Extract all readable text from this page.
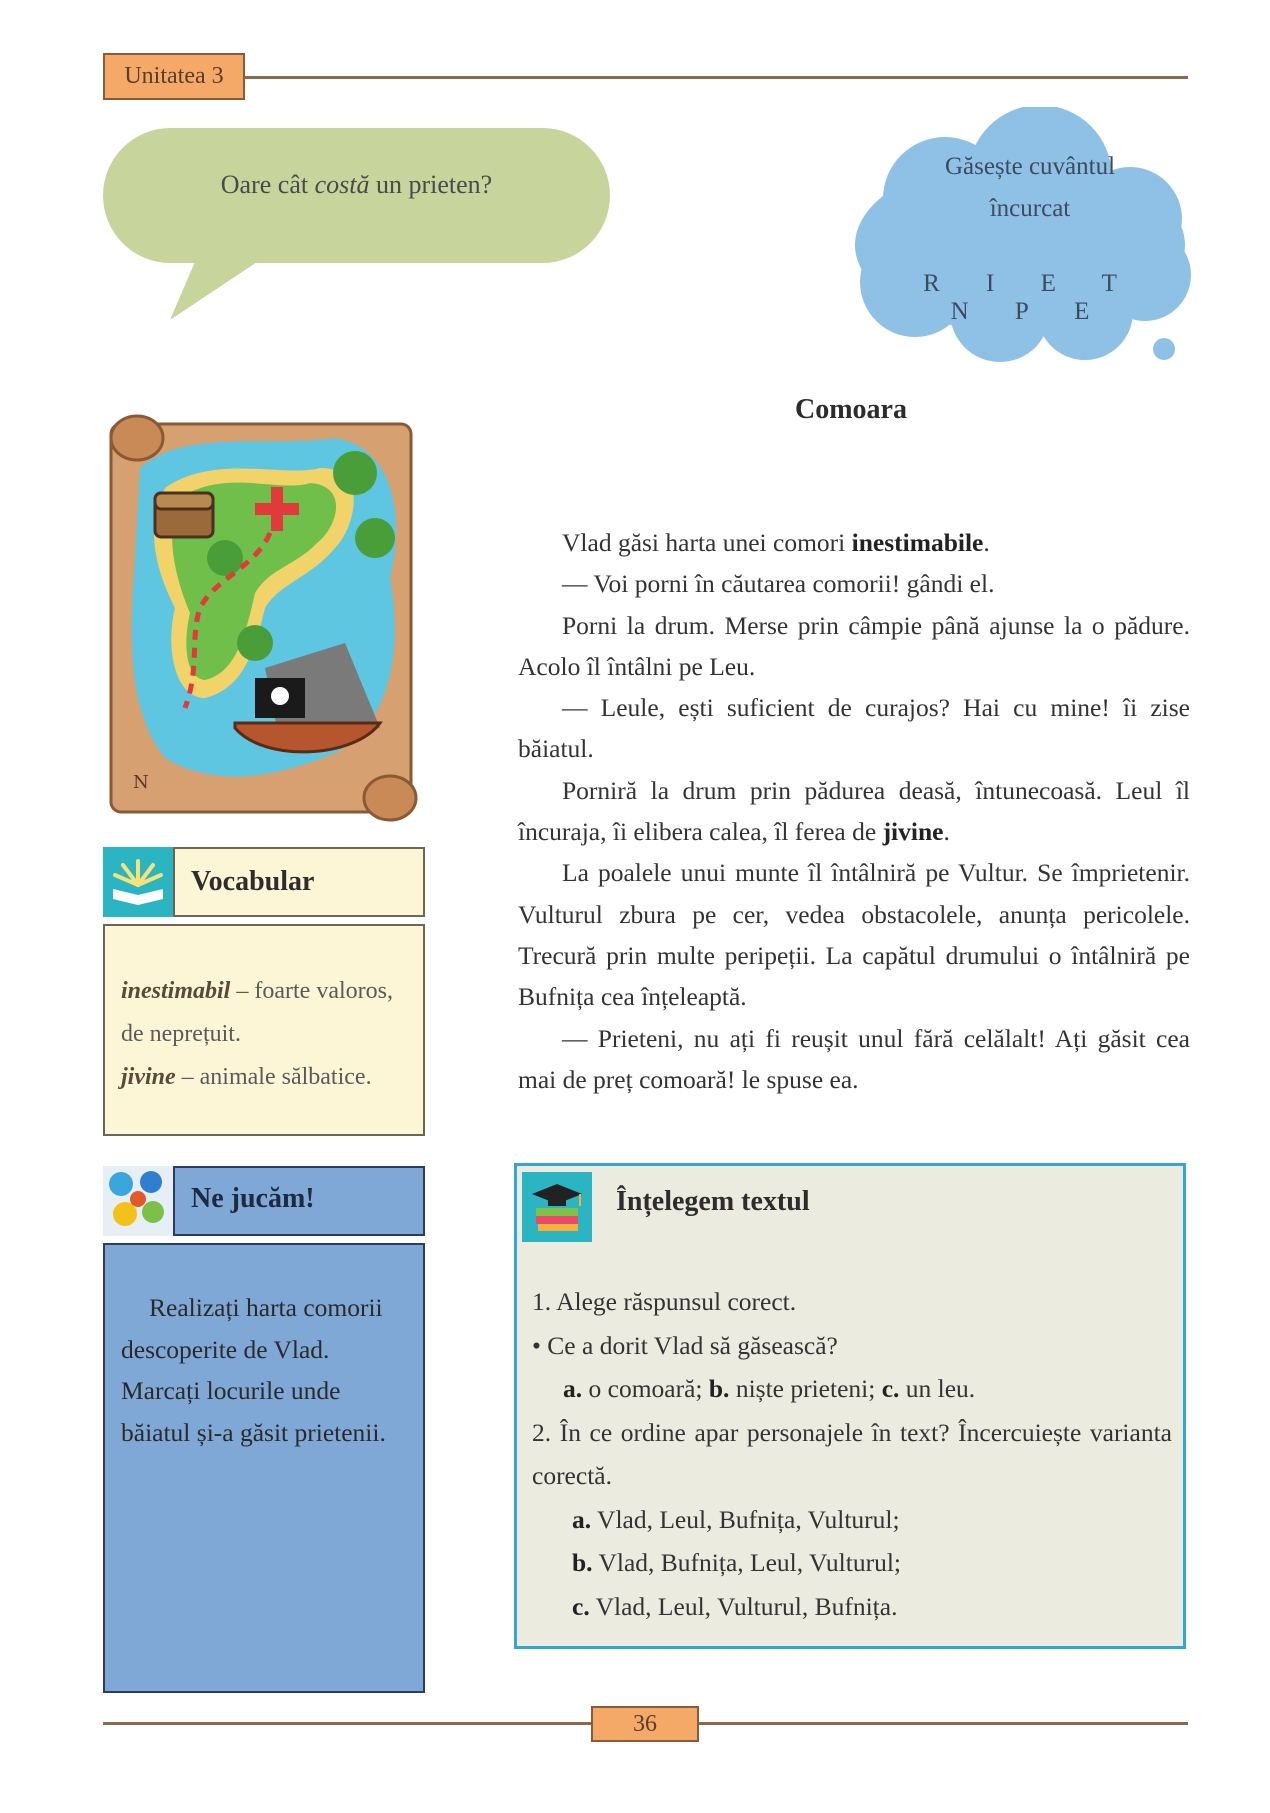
Unitatea 3
Oare cât costă un prieten?
Găsește cuvântul
încurcat
R I E T N P E
N
Comoara

Vlad găsi harta unei comori inestimabile.

— Voi porni în căutarea comorii! gândi el.

Porni la drum. Merse prin câmpie până ajunse la o pădure. Acolo îl întâlni pe Leu.

— Leule, ești suficient de curajos? Hai cu mine! îi zise băiatul.

Porniră la drum prin pădurea deasă, întunecoasă. Leul îl încuraja, îi elibera calea, îl ferea de jivine.

La poalele unui munte îl întâlniră pe Vultur. Se împrietenir. Vulturul zbura pe cer, vedea obstacolele, anunța pericolele. Trecură prin multe peripeții. La capătul drumului o întâlniră pe Bufnița cea înțeleaptă.

— Prieteni, nu ați fi reușit unul fără celălalt! Ați găsit cea mai de preț comoară! le spuse ea.

Vocabular
inestimabil – foarte valoros, de neprețuit.
jivine – animale sălbatice.
Ne jucăm!

Realizați harta comorii descoperite de Vlad. Marcați locurile unde băiatul și-a găsit prietenii.

Înțelegem textul
1. Alege răspunsul corect.
• Ce a dorit Vlad să găsească?
a. o comoară; b. niște prieteni; c. un leu.
2. În ce ordine apar personajele în text? Încercuiește varianta corectă.
a. Vlad, Leul, Bufnița, Vulturul;
b. Vlad, Bufnița, Leul, Vulturul;
c. Vlad, Leul, Vulturul, Bufnița.
36
